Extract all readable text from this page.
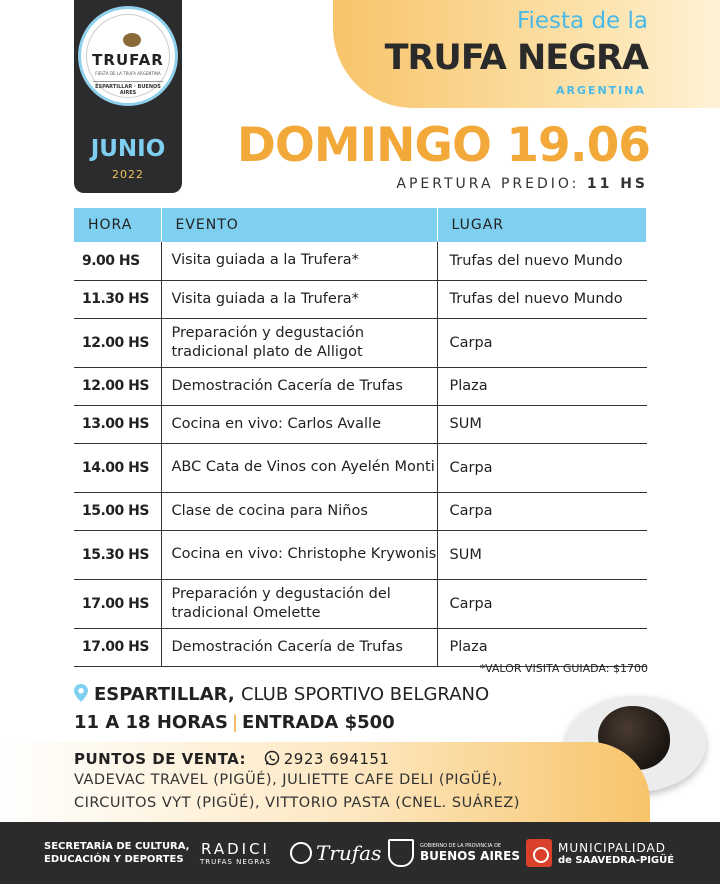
TRUFAR
FIESTA DE LA TRUFA ARGENTINA
ESPARTILLAR · BUENOS AIRES
JUNIO
2022
Fiesta de la
TRUFA NEGRA
ARGENTINA
DOMINGO 19.06
APERTURA PREDIO: 11 HS
HORA	EVENTO	LUGAR
9.00 HS	Visita guiada a la Trufera*	Trufas del nuevo Mundo
11.30 HS	Visita guiada a la Trufera*	Trufas del nuevo Mundo
12.00 HS	Preparación y degustación tradicional plato de Alligot	Carpa
12.00 HS	Demostración Cacería de Trufas	Plaza
13.00 HS	Cocina en vivo: Carlos Avalle	SUM
14.00 HS	ABC Cata de Vinos con Ayelén Monti	Carpa
15.00 HS	Clase de cocina para Niños	Carpa
15.30 HS	Cocina en vivo: Christophe Krywonis	SUM
17.00 HS	Preparación y degustación del tradicional Omelette	Carpa
17.00 HS	Demostración Cacería de Trufas	Plaza
*VALOR VISITA GUIADA: $1700
ESPARTILLAR, CLUB SPORTIVO BELGRANO
11 A 18 HORAS | ENTRADA $500
PUNTOS DE VENTA:	2923 694151
VADEVAC TRAVEL (PIGÜÉ), JULIETTE CAFE DELI (PIGÜÉ),
CIRCUITOS VYT (PIGÜÉ), VITTORIO PASTA (CNEL. SUÁREZ)
SECRETARÍA DE CULTURA,
EDUCACIÓN Y DEPORTES
RADICI
TRUFAS NEGRAS Trufas	GOBIERNO DE LA PROVINCIA DE
BUENOS AIRES
MUNICIPALIDAD
de SAAVEDRA-PIGÜÉ
